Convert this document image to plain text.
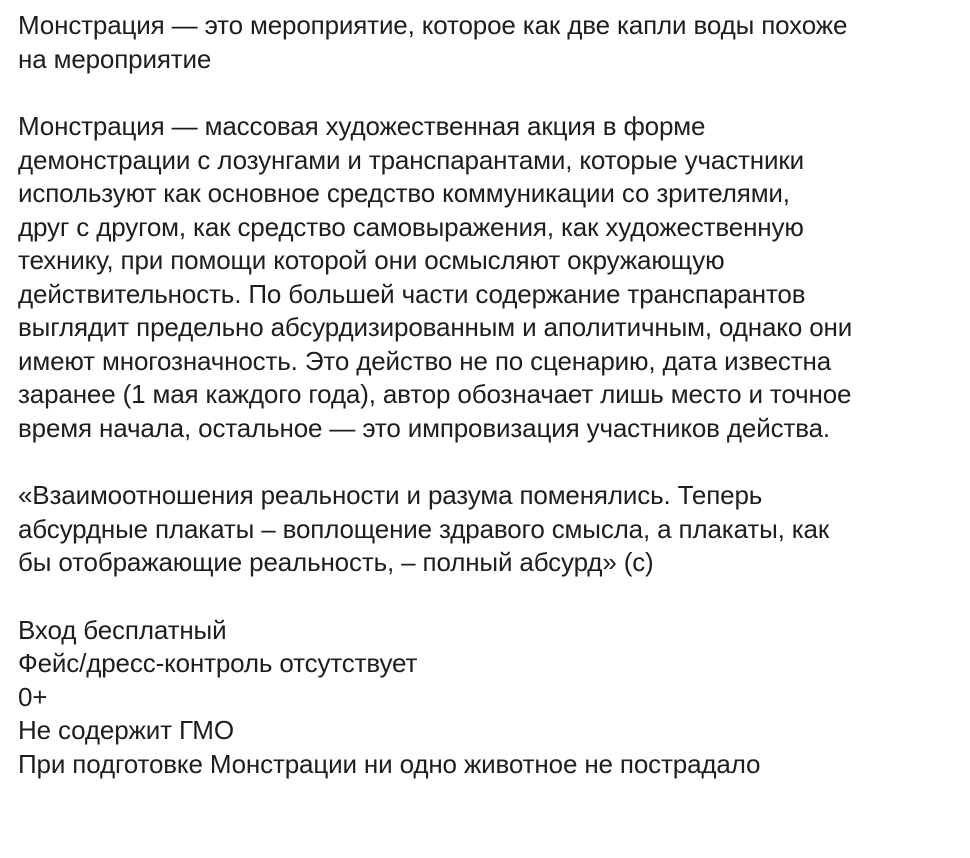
Монстрация — это мероприятие, которое как две капли воды похоже
на мероприятие

Монстрация — массовая художественная акция в форме
демонстрации с лозунгами и транспарантами, которые участники
используют как основное средство коммуникации со зрителями,
друг с другом, как средство самовыражения, как художественную
технику, при помощи которой они осмысляют окружающую
действительность. По большей части содержание транспарантов
выглядит предельно абсурдизированным и аполитичным, однако они
имеют многозначность. Это действо не по сценарию, дата известна
заранее (1 мая каждого года), автор обозначает лишь место и точное
время начала, остальное — это импровизация участников действа.

«Взаимоотношения реальности и разума поменялись. Теперь
абсурдные плакаты – воплощение здравого смысла, а плакаты, как
бы отображающие реальность, – полный абсурд» (с)

Вход бесплатный
Фейс/дресс-контроль отсутствует
0+
Не содержит ГМО
При подготовке Монстрации ни одно животное не пострадало
